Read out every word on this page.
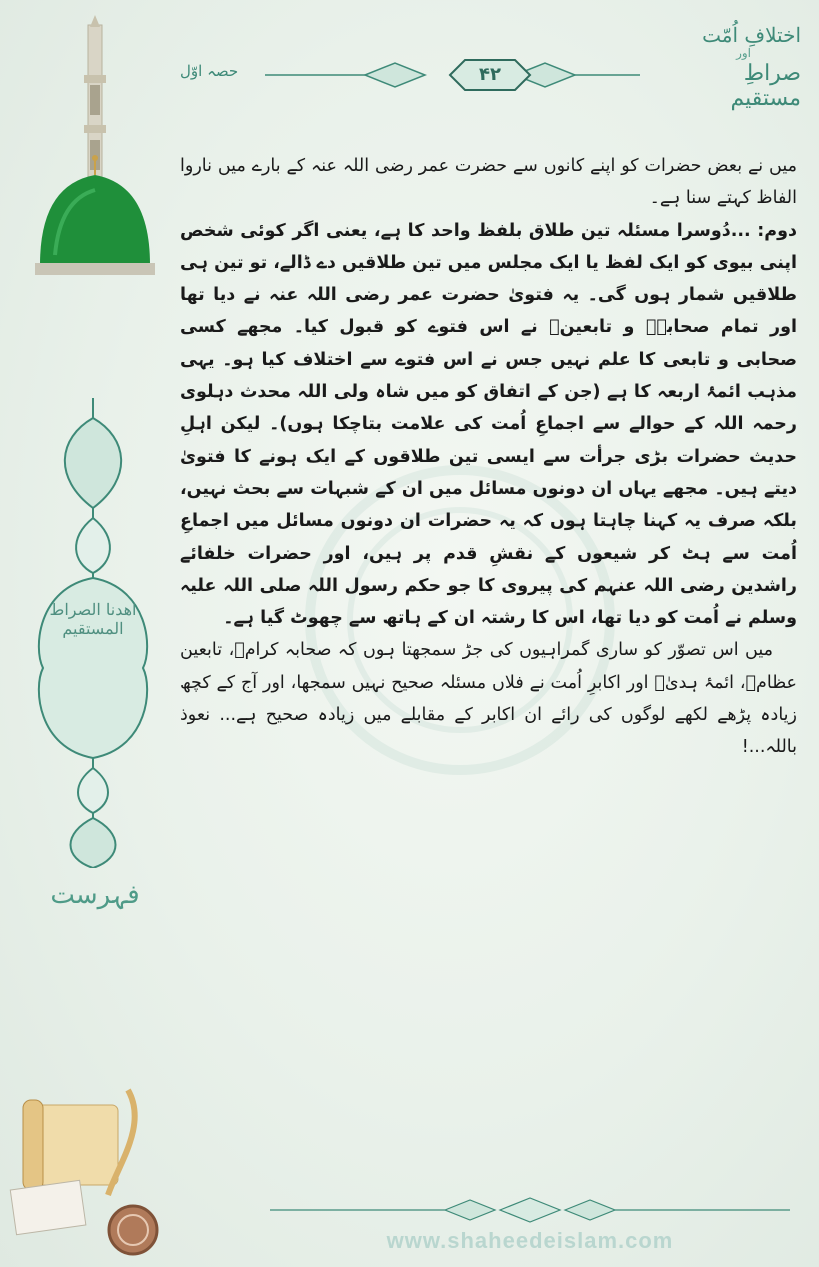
اهدنا الصراط المستقیم
فہرست
اختلافِ اُمّت
اور
صراطِ مستقیم
۴۲
حصہ اوّل

میں نے بعض حضرات کو اپنے کانوں سے حضرت عمر رضی اللہ عنہ کے بارے میں ناروا الفاظ کہتے سنا ہے۔

دوم: ...دُوسرا مسئلہ تین طلاق بلفظ واحد کا ہے، یعنی اگر کوئی شخص اپنی بیوی کو ایک لفظ یا ایک مجلس میں تین طلاقیں دے ڈالے، تو تین ہی طلاقیں شمار ہوں گی۔ یہ فتویٰ حضرت عمر رضی اللہ عنہ نے دیا تھا اور تمام صحابہؓ و تابعینؒ نے اس فتوے کو قبول کیا۔ مجھے کسی صحابی و تابعی کا علم نہیں جس نے اس فتوے سے اختلاف کیا ہو۔ یہی مذہب ائمۂ اربعہ کا ہے (جن کے اتفاق کو میں شاہ ولی اللہ محدث دہلوی رحمہ اللہ کے حوالے سے اجماعِ اُمت کی علامت بتاچکا ہوں)۔ لیکن اہلِ حدیث حضرات بڑی جرأت سے ایسی تین طلاقوں کے ایک ہونے کا فتویٰ دیتے ہیں۔ مجھے یہاں ان دونوں مسائل میں ان کے شبہات سے بحث نہیں، بلکہ صرف یہ کہنا چاہتا ہوں کہ یہ حضرات ان دونوں مسائل میں اجماعِ اُمت سے ہٹ کر شیعوں کے نقشِ قدم پر ہیں، اور حضرات خلفائے راشدین رضی اللہ عنہم کی پیروی کا جو حکم رسول اللہ صلی اللہ علیہ وسلم نے اُمت کو دیا تھا، اس کا رشتہ ان کے ہاتھ سے چھوٹ گیا ہے۔

میں اس تصوّر کو ساری گمراہیوں کی جڑ سمجھتا ہوں کہ صحابہ کرامؓ، تابعین عظامؒ، ائمۂ ہدیٰؒ اور اکابرِ اُمت نے فلاں مسئلہ صحیح نہیں سمجھا، اور آج کے کچھ زیادہ پڑھے لکھے لوگوں کی رائے ان اکابر کے مقابلے میں زیادہ صحیح ہے... نعوذ باللہ...!

www.shaheedeislam.com
